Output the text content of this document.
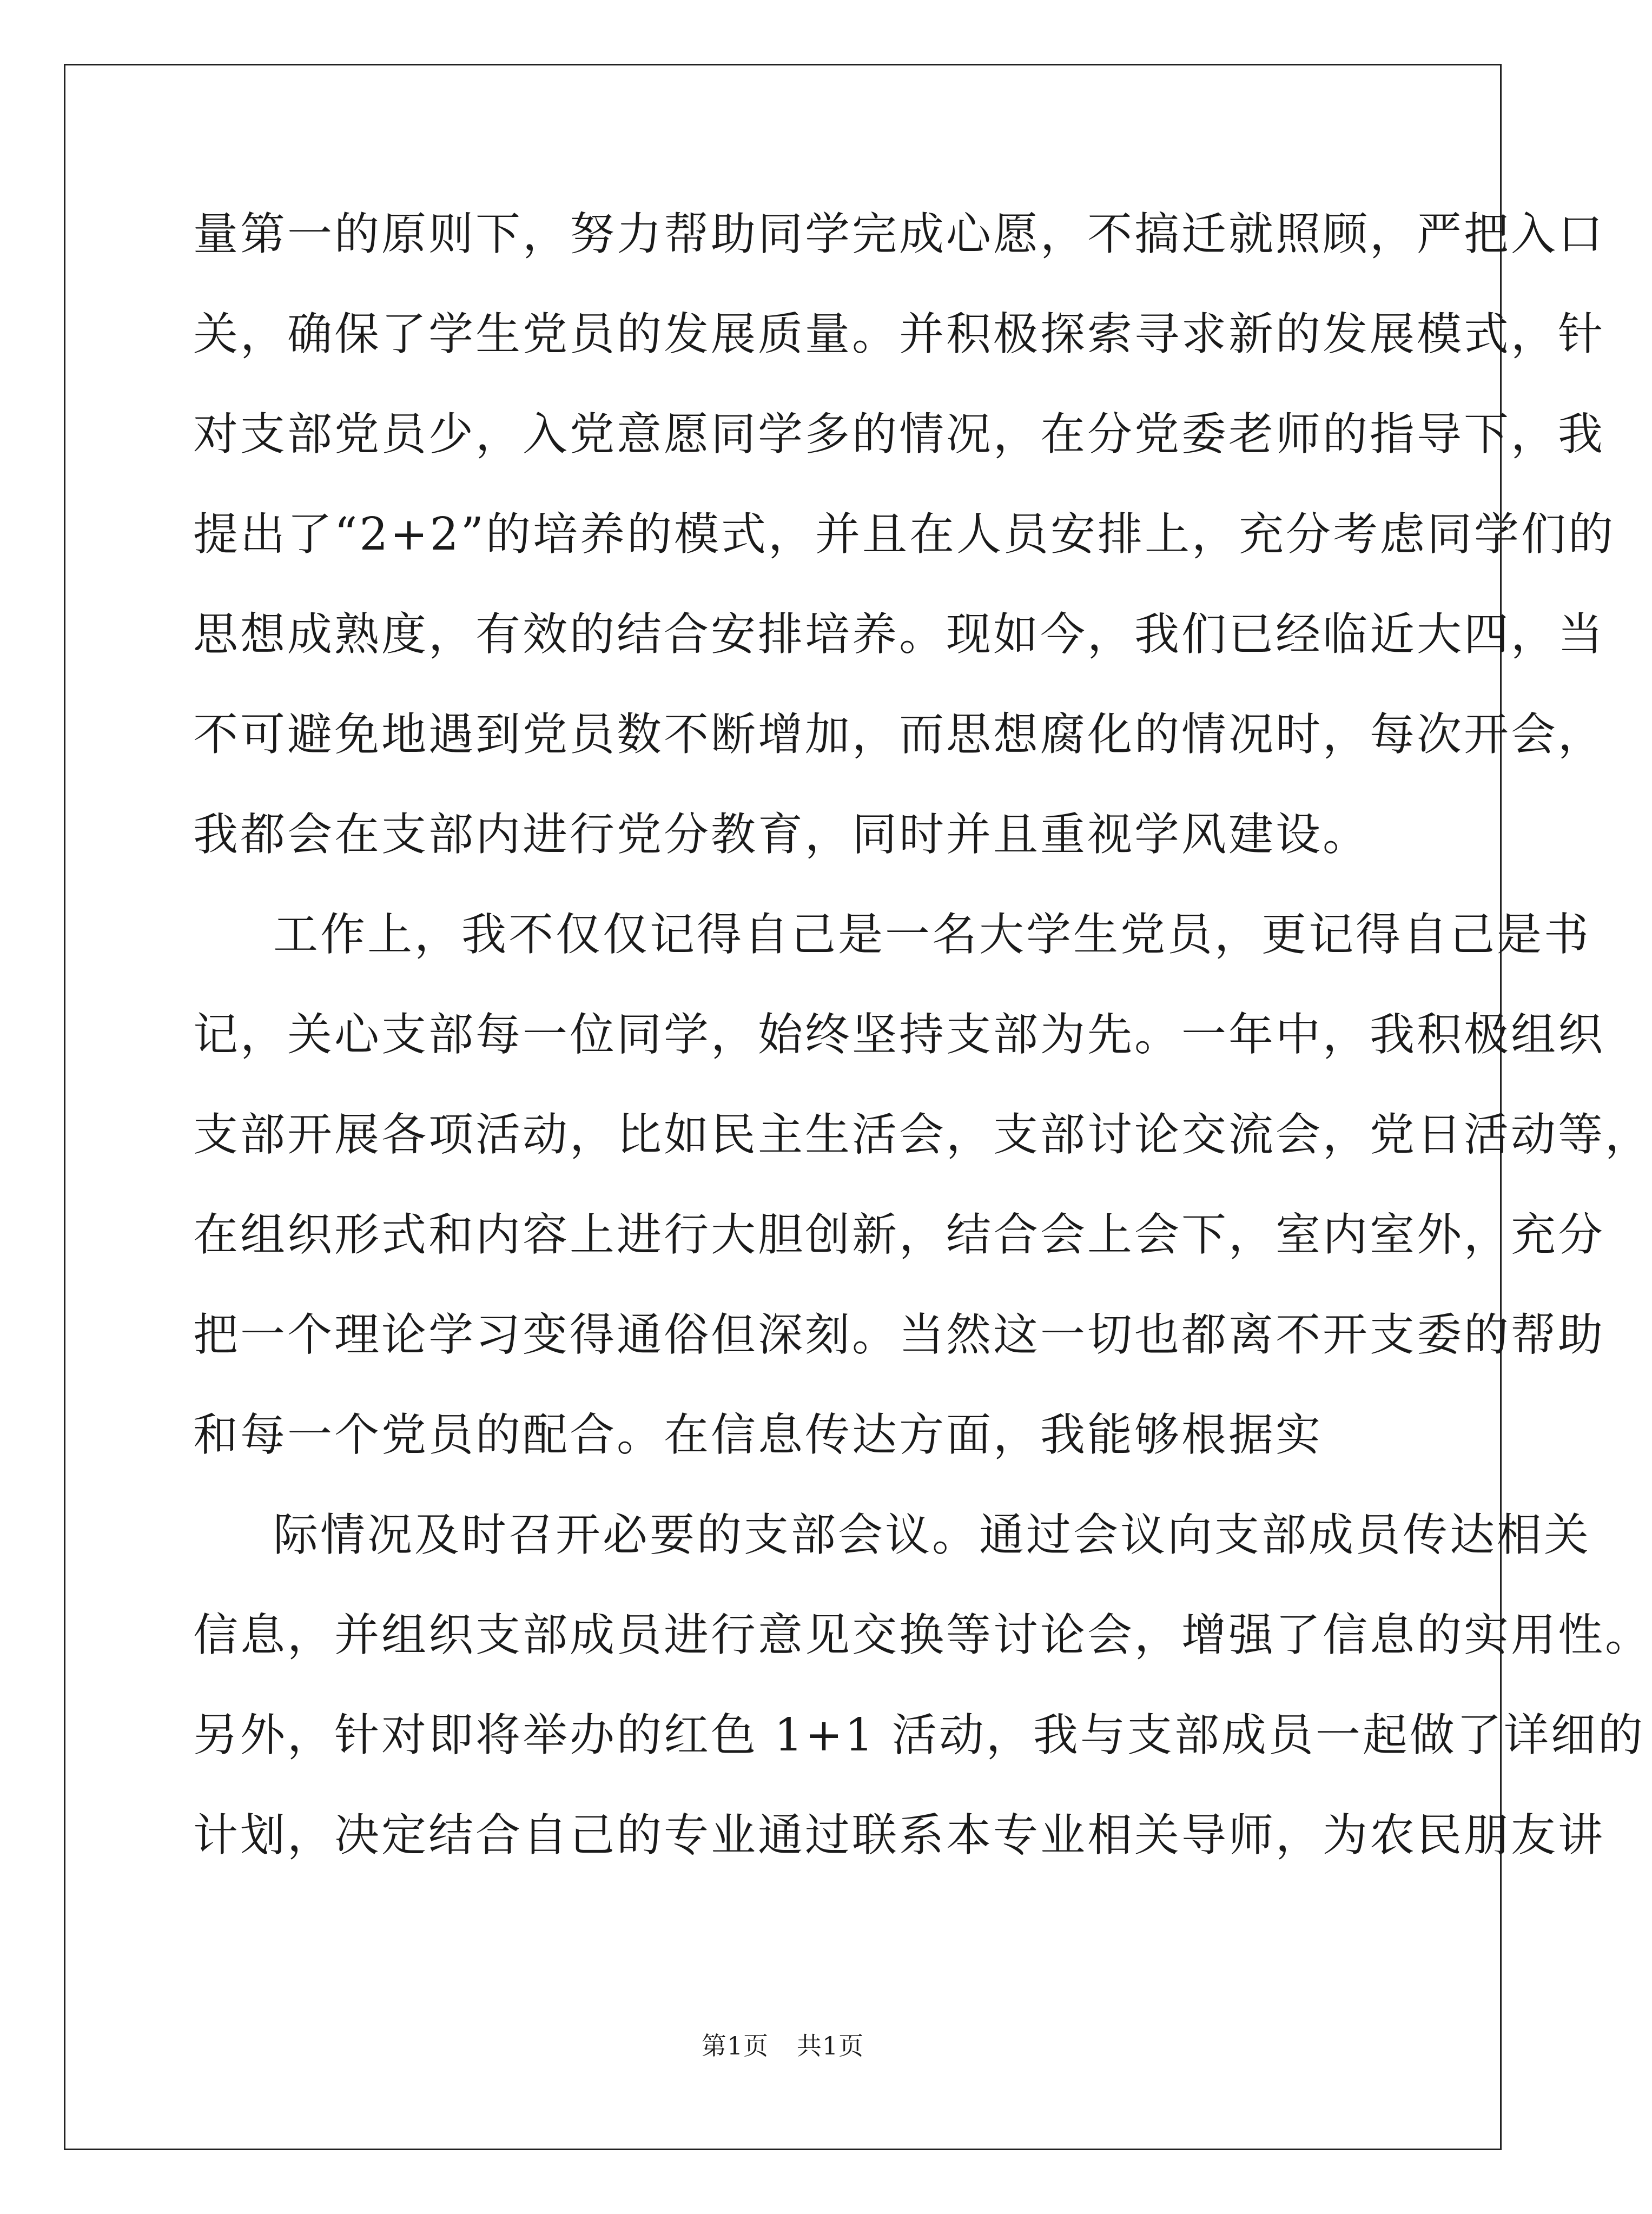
量第一的原则下，努力帮助同学完成心愿，不搞迁就照顾，严把入口
关，确保了学生党员的发展质量。并积极探索寻求新的发展模式，针
对支部党员少，入党意愿同学多的情况，在分党委老师的指导下，我
提出了“2+2”的培养的模式，并且在人员安排上，充分考虑同学们的
思想成熟度，有效的结合安排培养。现如今，我们已经临近大四，当
不可避免地遇到党员数不断增加，而思想腐化的情况时，每次开会，
我都会在支部内进行党分教育，同时并且重视学风建设。
工作上，我不仅仅记得自己是一名大学生党员，更记得自己是书
记，关心支部每一位同学，始终坚持支部为先。一年中，我积极组织
支部开展各项活动，比如民主生活会，支部讨论交流会，党日活动等，
在组织形式和内容上进行大胆创新，结合会上会下，室内室外，充分
把一个理论学习变得通俗但深刻。当然这一切也都离不开支委的帮助
和每一个党员的配合。在信息传达方面，我能够根据实
际情况及时召开必要的支部会议。通过会议向支部成员传达相关
信息，并组织支部成员进行意见交换等讨论会，增强了信息的实用性。
另外，针对即将举办的红色 1+1 活动，我与支部成员一起做了详细的
计划，决定结合自己的专业通过联系本专业相关导师，为农民朋友讲
第1页 共1页
